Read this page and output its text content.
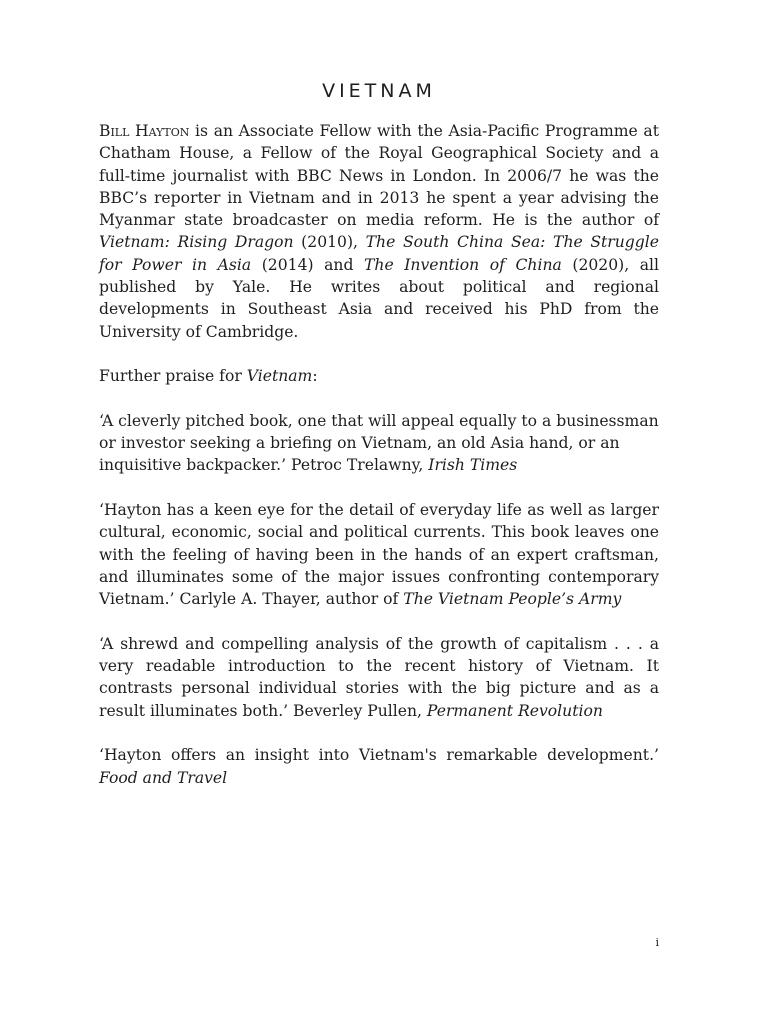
VIETNAM

Bill Hayton is an Associate Fellow with the Asia-Pacific Programme at Chatham House, a Fellow of the Royal Geographical Society and a full-time journalist with BBC News in London. In 2006/7 he was the BBC’s reporter in Vietnam and in 2013 he spent a year advising the Myanmar state broadcaster on media reform. He is the author of Vietnam: Rising Dragon (2010), The South China Sea: The Struggle for Power in Asia (2014) and The Invention of China (2020), all published by Yale. He writes about political and regional developments in Southeast Asia and received his PhD from the University of Cambridge.

Further praise for Vietnam:

‘A cleverly pitched book, one that will appeal equally to a businessman or investor seeking a briefing on Vietnam, an old Asia hand, or an inquisitive backpacker.’ Petroc Trelawny, Irish Times

‘Hayton has a keen eye for the detail of everyday life as well as larger cultural, economic, social and political currents. This book leaves one with the feeling of having been in the hands of an expert craftsman, and illuminates some of the major issues confronting contemporary Vietnam.’ Carlyle A. Thayer, author of The Vietnam People’s Army

‘A shrewd and compelling analysis of the growth of capitalism . . . a very readable introduction to the recent history of Vietnam. It contrasts personal individual stories with the big picture and as a result illuminates both.’ Beverley Pullen, Permanent Revolution

‘Hayton offers an insight into Vietnam's remarkable development.’ Food and Travel

i
